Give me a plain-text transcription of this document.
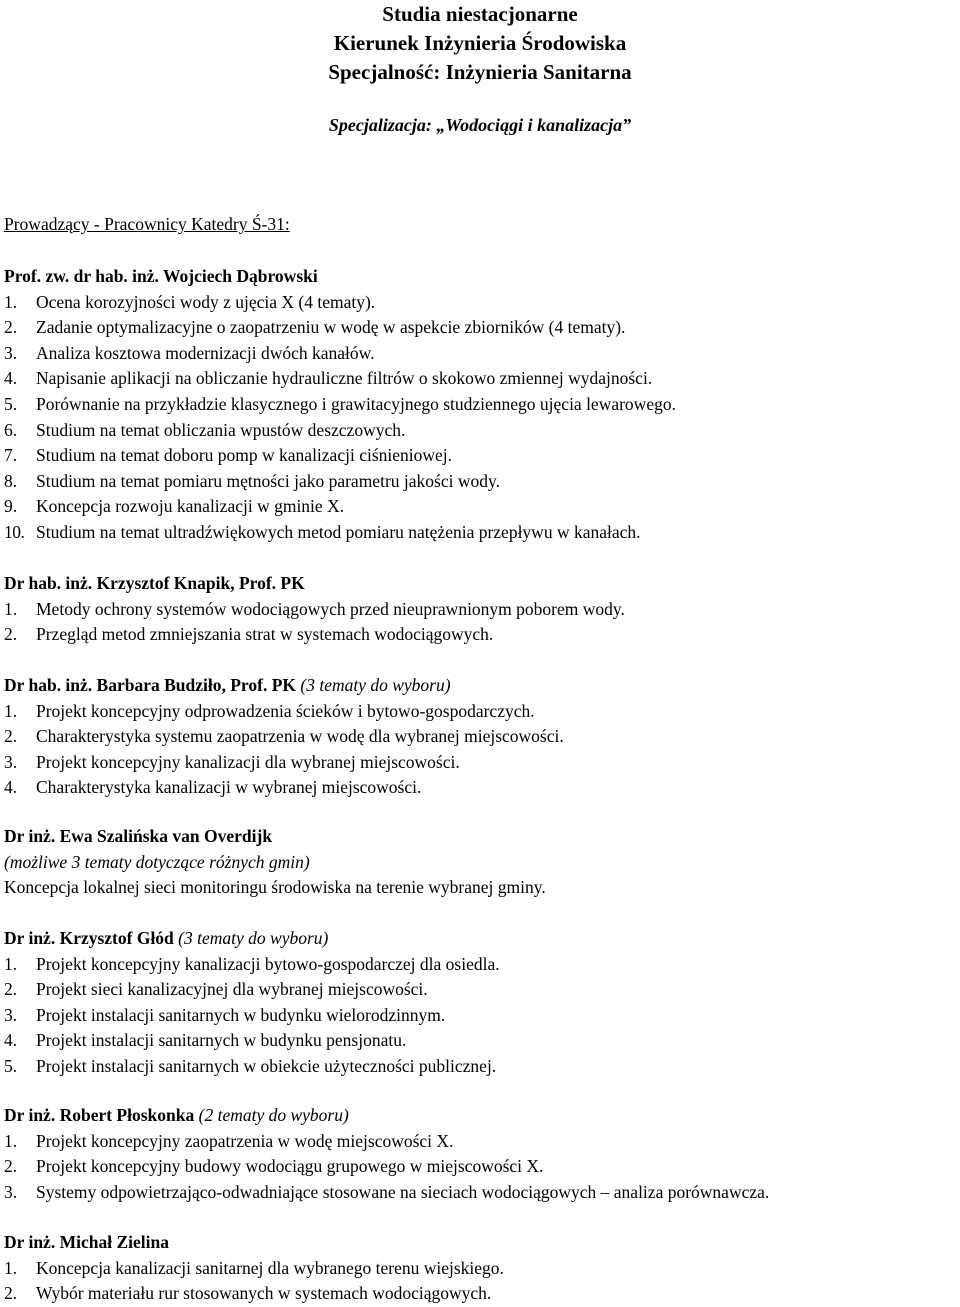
Studia niestacjonarne
Kierunek Inżynieria Środowiska
Specjalność: Inżynieria Sanitarna
Specjalizacja: „Wodociągi i kanalizacja”
Prowadzący - Pracownicy Katedry Ś-31:
Prof. zw. dr hab. inż. Wojciech Dąbrowski
1. Ocena korozyjności wody z ujęcia X (4 tematy).
2. Zadanie optymalizacyjne o zaopatrzeniu w wodę w aspekcie zbiorników (4 tematy).
3. Analiza kosztowa modernizacji dwóch kanałów.
4. Napisanie aplikacji na obliczanie hydrauliczne filtrów o skokowo zmiennej wydajności.
5. Porównanie na przykładzie klasycznego i grawitacyjnego studziennego ujęcia lewarowego.
6. Studium na temat obliczania wpustów deszczowych.
7. Studium na temat doboru pomp w kanalizacji ciśnieniowej.
8. Studium na temat pomiaru mętności jako parametru jakości wody.
9. Koncepcja rozwoju kanalizacji w gminie X.
10. Studium na temat ultradźwiękowych metod pomiaru natężenia przepływu w kanałach.
Dr hab. inż. Krzysztof Knapik, Prof. PK
1. Metody ochrony systemów wodociągowych przed nieuprawnionym poborem wody.
2. Przegląd metod zmniejszania strat w systemach wodociągowych.
Dr hab. inż. Barbara Budziło, Prof. PK (3 tematy do wyboru)
1. Projekt koncepcyjny odprowadzenia ścieków i bytowo-gospodarczych.
2. Charakterystyka systemu zaopatrzenia w wodę dla wybranej miejscowości.
3. Projekt koncepcyjny kanalizacji dla wybranej miejscowości.
4. Charakterystyka kanalizacji w wybranej miejscowości.
Dr inż. Ewa Szalińska van Overdijk
(możliwe 3 tematy dotyczące różnych gmin)
Koncepcja lokalnej sieci monitoringu środowiska na terenie wybranej gminy.
Dr inż. Krzysztof Głód (3 tematy do wyboru)
1. Projekt koncepcyjny kanalizacji bytowo-gospodarczej dla osiedla.
2. Projekt sieci kanalizacyjnej dla wybranej miejscowości.
3. Projekt instalacji sanitarnych w budynku wielorodzinnym.
4. Projekt instalacji sanitarnych w budynku pensjonatu.
5. Projekt instalacji sanitarnych w obiekcie użyteczności publicznej.
Dr inż. Robert Płoskonka (2 tematy do wyboru)
1. Projekt koncepcyjny zaopatrzenia w wodę miejscowości X.
2. Projekt koncepcyjny budowy wodociągu grupowego w miejscowości X.
3. Systemy odpowietrzająco-odwadniające stosowane na sieciach wodociągowych – analiza porównawcza.
Dr inż. Michał Zielina
1. Koncepcja kanalizacji sanitarnej dla wybranego terenu wiejskiego.
2. Wybór materiału rur stosowanych w systemach wodociągowych.
